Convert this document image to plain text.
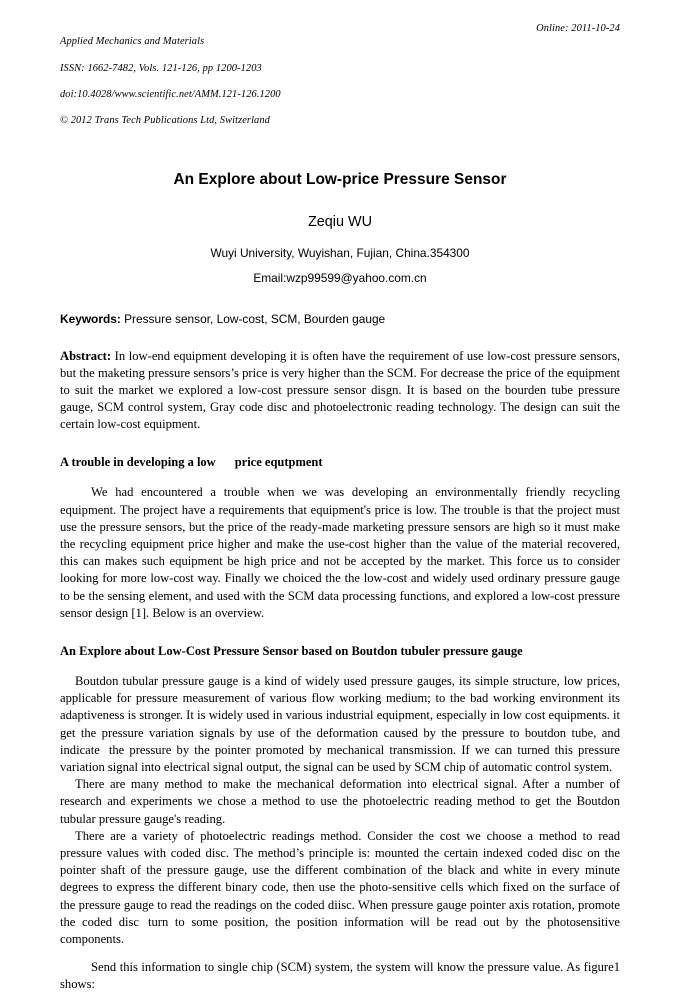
Applied Mechanics and Materials

ISSN: 1662-7482, Vols. 121-126, pp 1200-1203

doi:10.4028/www.scientific.net/AMM.121-126.1200

© 2012 Trans Tech Publications Ltd, Switzerland

Online: 2011-10-24
An Explore about Low-price Pressure Sensor
Zeqiu WU
Wuyi University, Wuyishan, Fujian, China.354300
Email:wzp99599@yahoo.com.cn
Keywords: Pressure sensor, Low-cost, SCM, Bourden gauge
Abstract: In low-end equipment developing it is often have the requirement of use low-cost pressure sensors, but the maketing pressure sensors’s price is very higher than the SCM. For decrease the price of the equipment to suit the market we explored a low-cost pressure sensor disgn. It is based on the bourden tube pressure gauge, SCM control system, Gray code disc and photoelectronic reading technology. The design can suit the certain low-cost equipment.
A trouble in developing a low price equtpment

We had encountered a trouble when we was developing an environmentally friendly recycling equipment. The project have a requirements that equipment's price is low. The trouble is that the project must use the pressure sensors, but the price of the ready-made marketing pressure sensors are high so it must make the recycling equipment price higher and make the use-cost higher than the value of the material recovered, this can makes such equipment be high price and not be accepted by the market. This force us to consider looking for more low-cost way. Finally we choiced the the low-cost and widely used ordinary pressure gauge to be the sensing element, and used with the SCM data processing functions, and explored a low-cost pressure sensor design [1]. Below is an overview.

An Explore about Low-Cost Pressure Sensor based on Boutdon tubuler pressure gauge

Boutdon tubular pressure gauge is a kind of widely used pressure gauges, its simple structure, low prices, applicable for pressure measurement of various flow working medium; to the bad working environment its adaptiveness is stronger. It is widely used in various industrial equipment, especially in low cost equipments. it get the pressure variation signals by use of the deformation caused by the pressure to boutdon tube, and indicate the pressure by the pointer promoted by mechanical transmission. If we can turned this pressure variation signal into electrical signal output, the signal can be used by SCM chip of automatic control system.

There are many method to make the mechanical deformation into electrical signal. After a number of research and experiments we chose a method to use the photoelectric reading method to get the Boutdon tubular pressure gauge's reading.

There are a variety of photoelectric readings method. Consider the cost we choose a method to read pressure values with coded disc. The method’s principle is: mounted the certain indexed coded disc on the pointer shaft of the pressure gauge, use the different combination of the black and white in every minute degrees to express the different binary code, then use the photo-sensitive cells which fixed on the surface of the pressure gauge to read the readings on the coded diisc. When pressure gauge pointer axis rotation, promote the coded disc turn to some position, the position information will be read out by the photosensitive components.

Send this information to single chip (SCM) system, the system will know the pressure value. As figure1 shows:
